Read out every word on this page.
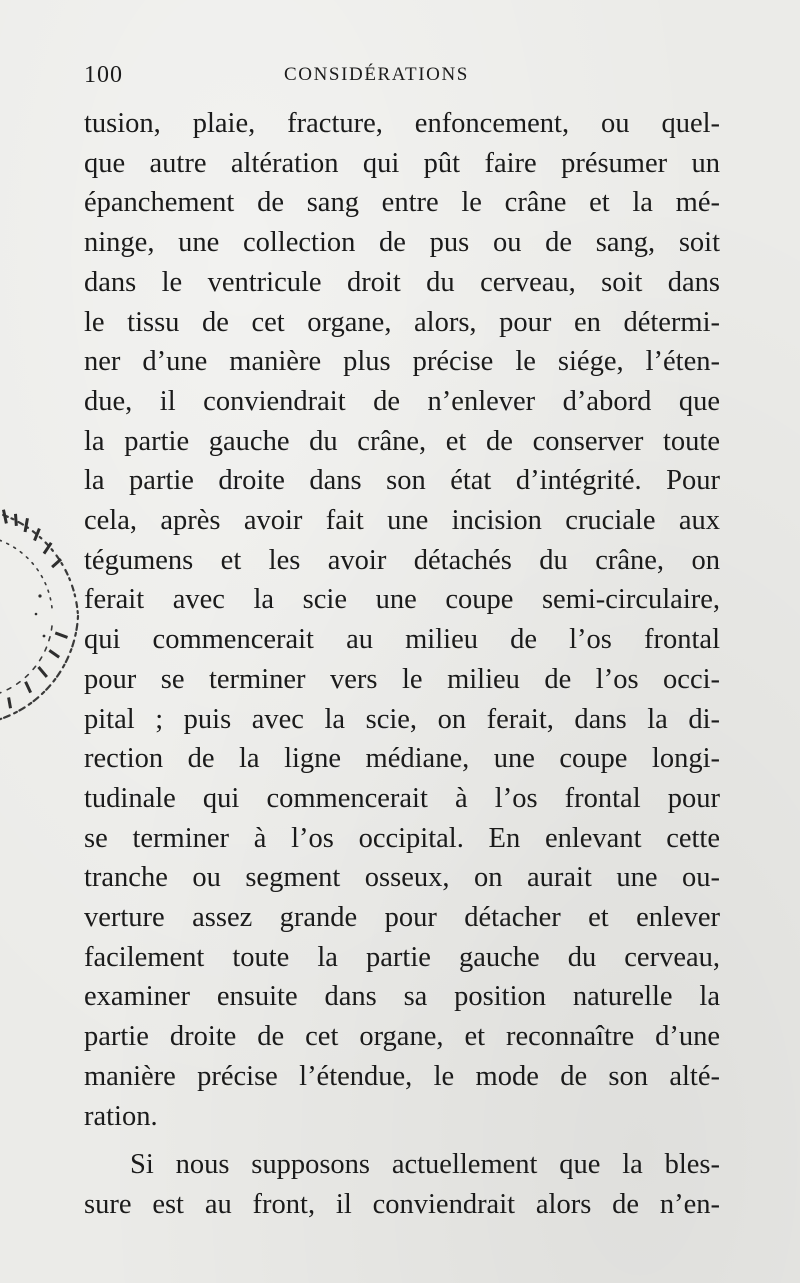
100	CONSIDÉRATIONS
tusion, plaie, fracture, enfoncement, ou quel-
que autre altération qui pût faire présumer un
épanchement de sang entre le crâne et la mé-
ninge, une collection de pus ou de sang, soit
dans le ventricule droit du cerveau, soit dans
le tissu de cet organe, alors, pour en détermi-
ner d’une manière plus précise le siége, l’éten-
due, il conviendrait de n’enlever d’abord que
la partie gauche du crâne, et de conserver toute
la partie droite dans son état d’intégrité. Pour
cela, après avoir fait une incision cruciale aux
tégumens et les avoir détachés du crâne, on
ferait avec la scie une coupe semi-circulaire,
qui commencerait au milieu de l’os frontal
pour se terminer vers le milieu de l’os occi-
pital ; puis avec la scie, on ferait, dans la di-
rection de la ligne médiane, une coupe longi-
tudinale qui commencerait à l’os frontal pour
se terminer à l’os occipital. En enlevant cette
tranche ou segment osseux, on aurait une ou-
verture assez grande pour détacher et enlever
facilement toute la partie gauche du cerveau,
examiner ensuite dans sa position naturelle la
partie droite de cet organe, et reconnaître d’une
manière précise l’étendue, le mode de son alté-
ration.
Si nous supposons actuellement que la bles-
sure est au front, il conviendrait alors de n’en-
